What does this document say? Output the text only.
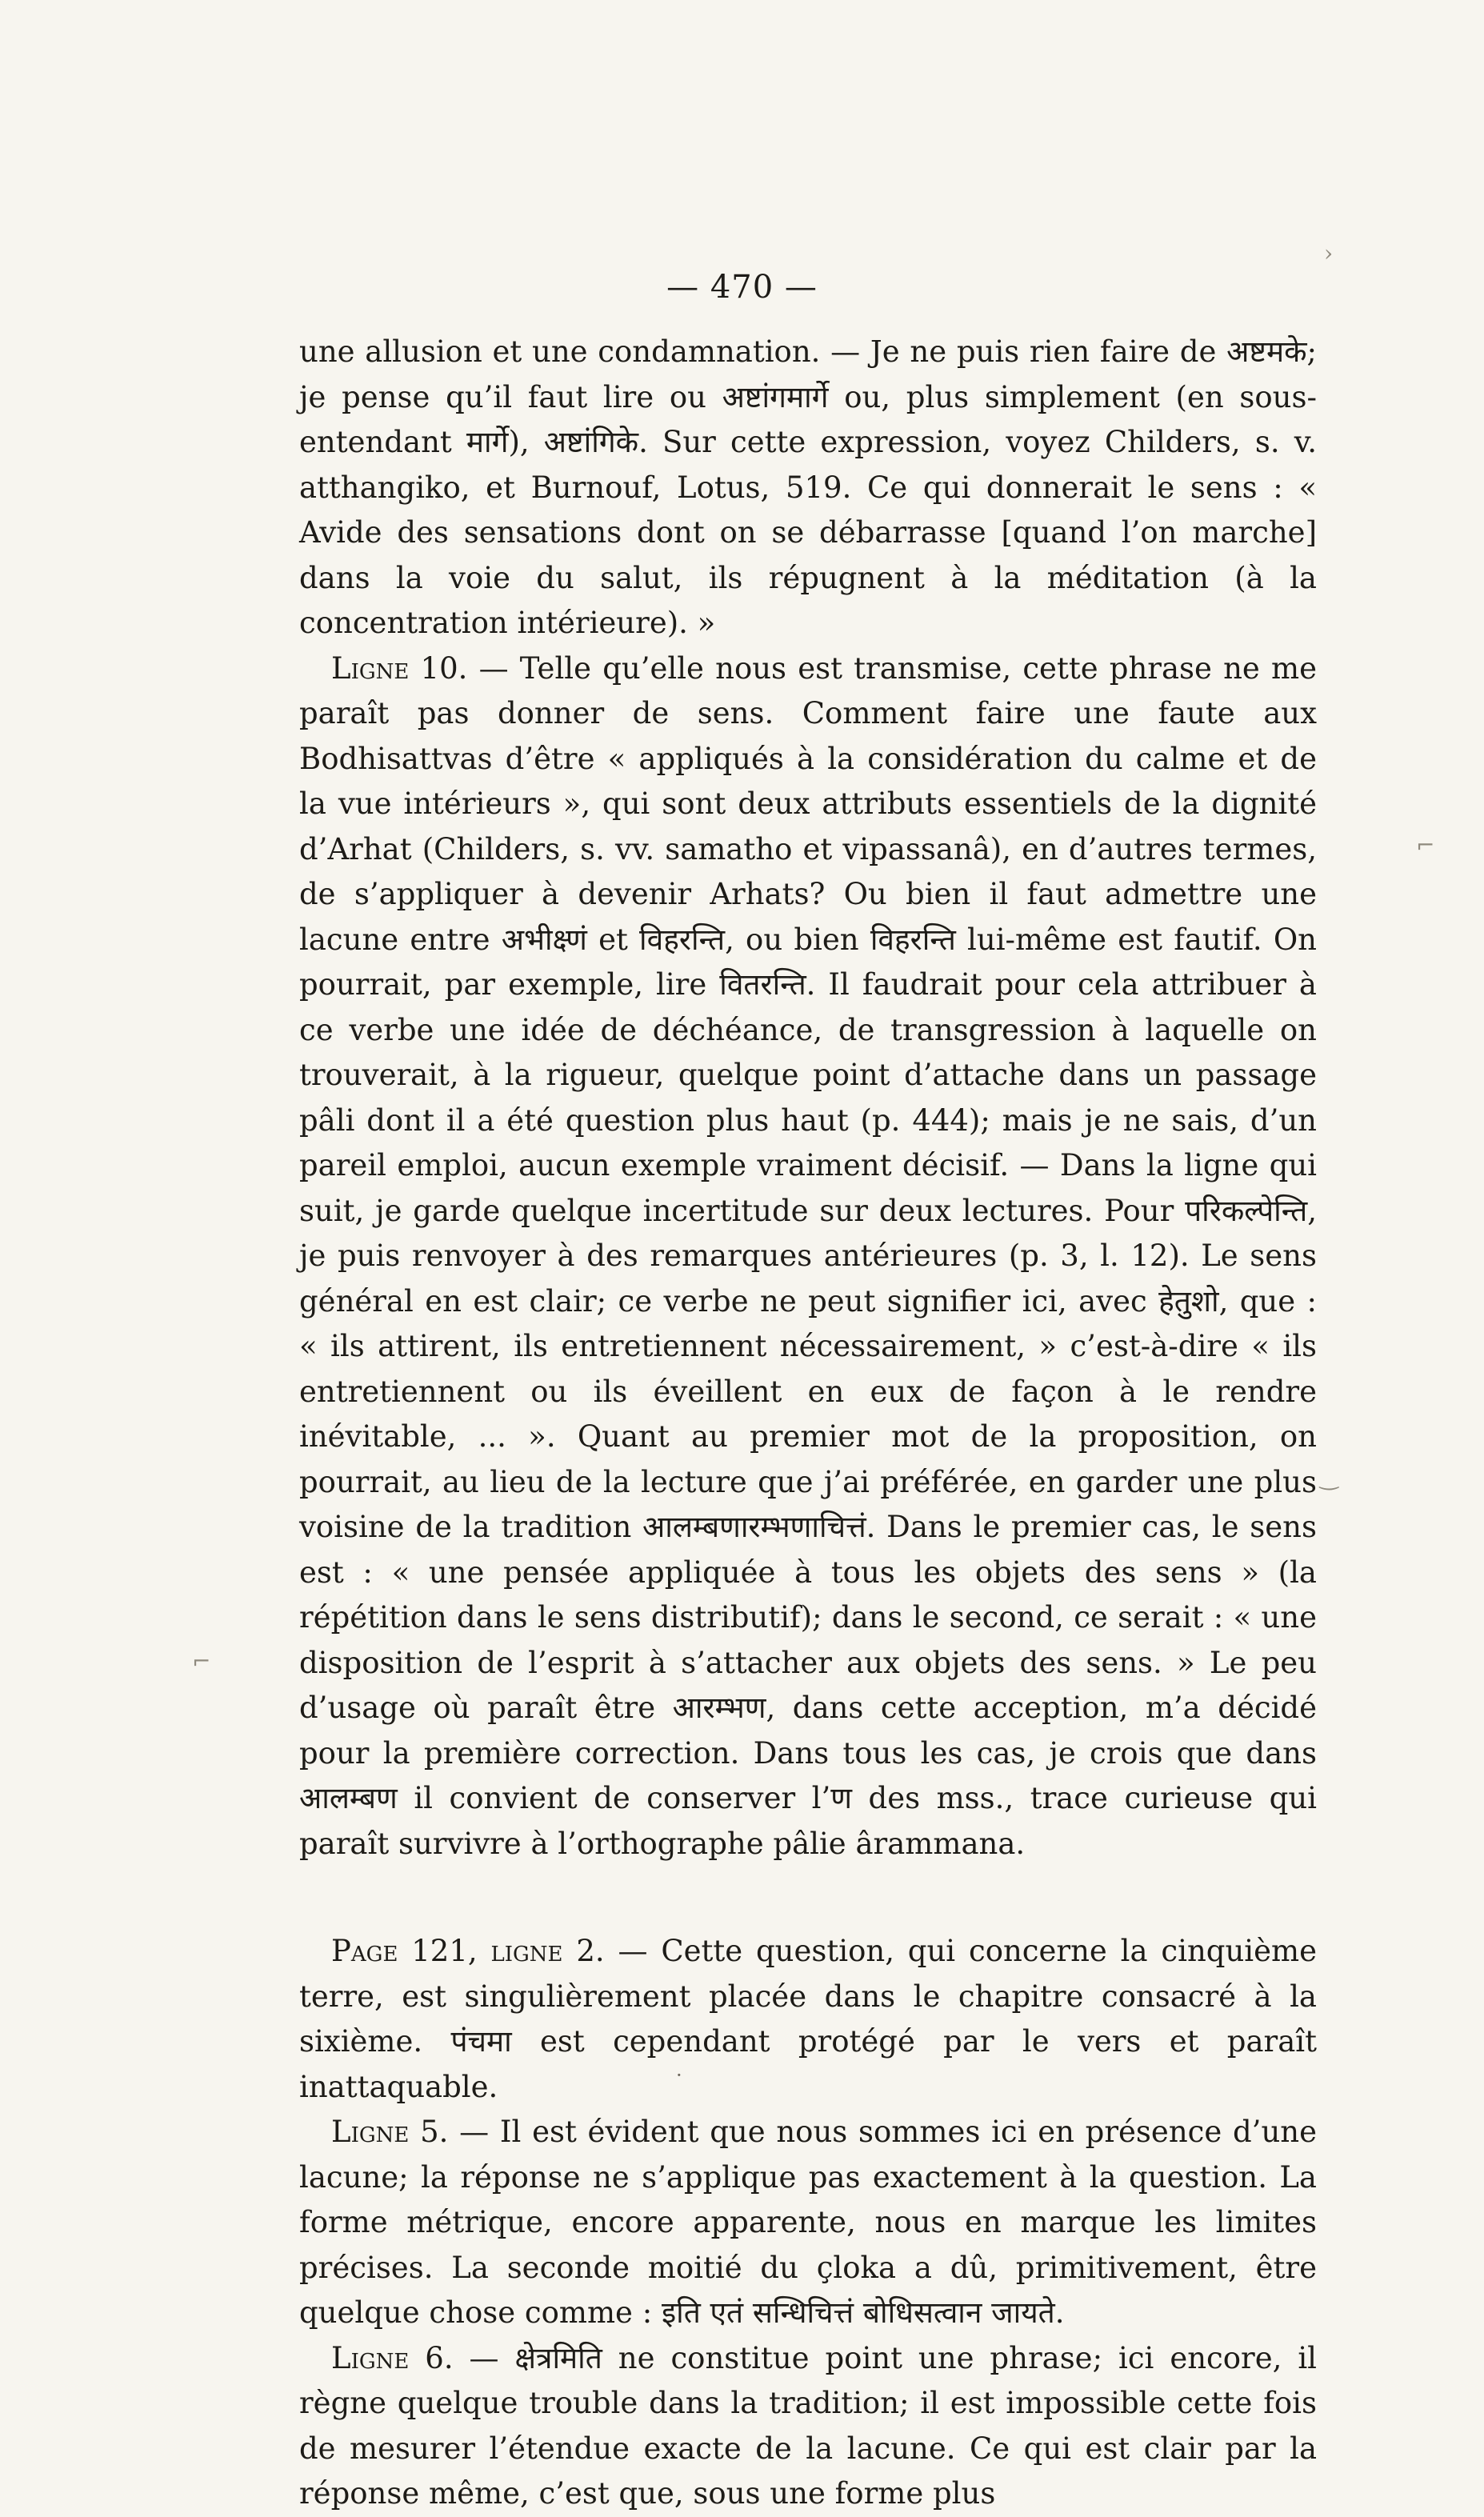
— 470 —

une allusion et une condamnation. — Je ne puis rien faire de अष्टमके; je pense qu’il faut lire ou अष्टांगमार्गे ou, plus simplement (en sous-entendant मार्गे), अष्टांगिके. Sur cette expression, voyez Childers, s. v. atthangiko, et Burnouf, Lotus, 519. Ce qui donnerait le sens : « Avide des sensations dont on se débarrasse [quand l’on marche] dans la voie du salut, ils répugnent à la méditation (à la concentration intérieure). »

Ligne 10. — Telle qu’elle nous est transmise, cette phrase ne me paraît pas donner de sens. Comment faire une faute aux Bodhisattvas d’être « appliqués à la considération du calme et de la vue intérieurs », qui sont deux attributs essentiels de la dignité d’Arhat (Childers, s. vv. samatho et vipassanâ), en d’autres termes, de s’appliquer à devenir Arhats? Ou bien il faut admettre une lacune entre अभीक्ष्णं et विहरन्ति, ou bien विहरन्ति lui-même est fautif. On pourrait, par exemple, lire वितरन्ति. Il faudrait pour cela attribuer à ce verbe une idée de déchéance, de transgression à laquelle on trouverait, à la rigueur, quelque point d’attache dans un passage pâli dont il a été question plus haut (p. 444); mais je ne sais, d’un pareil emploi, aucun exemple vraiment décisif. — Dans la ligne qui suit, je garde quelque incertitude sur deux lectures. Pour परिकल्पेन्ति, je puis renvoyer à des remarques antérieures (p. 3, l. 12). Le sens général en est clair; ce verbe ne peut signifier ici, avec हेतुशो, que : « ils attirent, ils entretiennent nécessairement, » c’est-à-dire « ils entretiennent ou ils éveillent en eux de façon à le rendre inévitable, ... ». Quant au premier mot de la proposition, on pourrait, au lieu de la lecture que j’ai préférée, en garder une plus voisine de la tradition आलम्बणारम्भणाचित्तं. Dans le premier cas, le sens est : « une pensée appliquée à tous les objets des sens » (la répétition dans le sens distributif); dans le second, ce serait : « une disposition de l’esprit à s’attacher aux objets des sens. » Le peu d’usage où paraît être आरम्भण, dans cette acception, m’a décidé pour la première correction. Dans tous les cas, je crois que dans आलम्बण il convient de conserver l’ण des mss., trace curieuse qui paraît survivre à l’orthographe pâlie ârammana.

Page 121, ligne 2. — Cette question, qui concerne la cinquième terre, est singulièrement placée dans le chapitre consacré à la sixième. पंचमा est cependant protégé par le vers et paraît inattaquable.

Ligne 5. — Il est évident que nous sommes ici en présence d’une lacune; la réponse ne s’applique pas exactement à la question. La forme métrique, encore apparente, nous en marque les limites précises. La seconde moitié du çloka a dû, primitivement, être quelque chose comme : इति एतं सन्धिचित्तं बोधिसत्वान जायते.

Ligne 6. — क्षेत्रमिति ne constitue point une phrase; ici encore, il règne quelque trouble dans la tradition; il est impossible cette fois de mesurer l’étendue exacte de la lacune. Ce qui est clair par la réponse même, c’est que, sous une forme plus

›
⌐
‿
⌐
·
